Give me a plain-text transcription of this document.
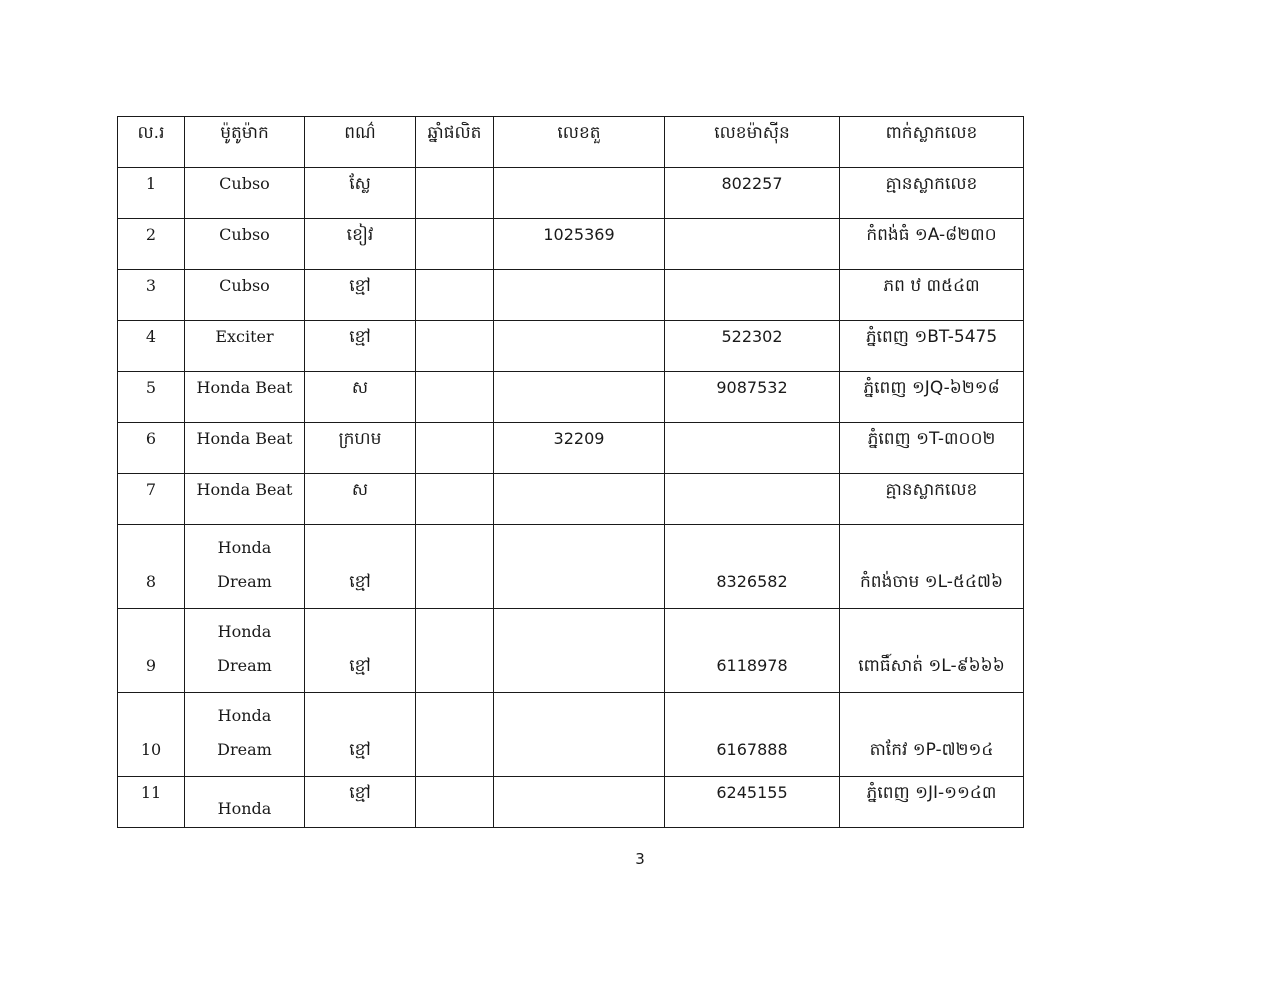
ល.រ	ម៉ូតូម៉ាក	ពណ៌	ឆ្នាំផលិត	លេខតួ	លេខម៉ាស៊ីន	ពាក់ស្លាកលេខ

1	Cubso	ស្លែ			802257	គ្មានស្លាកលេខ

2	Cubso	ខៀវ		1025369		កំពង់ធំ ១A-៨២៣០

3	Cubso	ខ្មៅ				ភព ឋ ៣៥៤៣

4	Exciter	ខ្មៅ			522302	ភ្នំពេញ ១BT-5475

5	Honda Beat	ស			9087532	ភ្នំពេញ ១JQ-៦២១៨

6	Honda Beat	ក្រហម		32209		ភ្នំពេញ ១T-៣០០២

7	Honda Beat	ស				គ្មានស្លាកលេខ

8	Honda
Dream	ខ្មៅ			8326582	កំពង់ចាម ១L-៥៤៧៦

9	Honda
Dream	ខ្មៅ			6118978	ពោធិ៍សាត់ ១L-៩៦៦៦

10	Honda
Dream	ខ្មៅ			6167888	តាកែវ ១P-៧២១៤

11	Honda	ខ្មៅ			6245155	ភ្នំពេញ ១JI-១១៤៣
3
